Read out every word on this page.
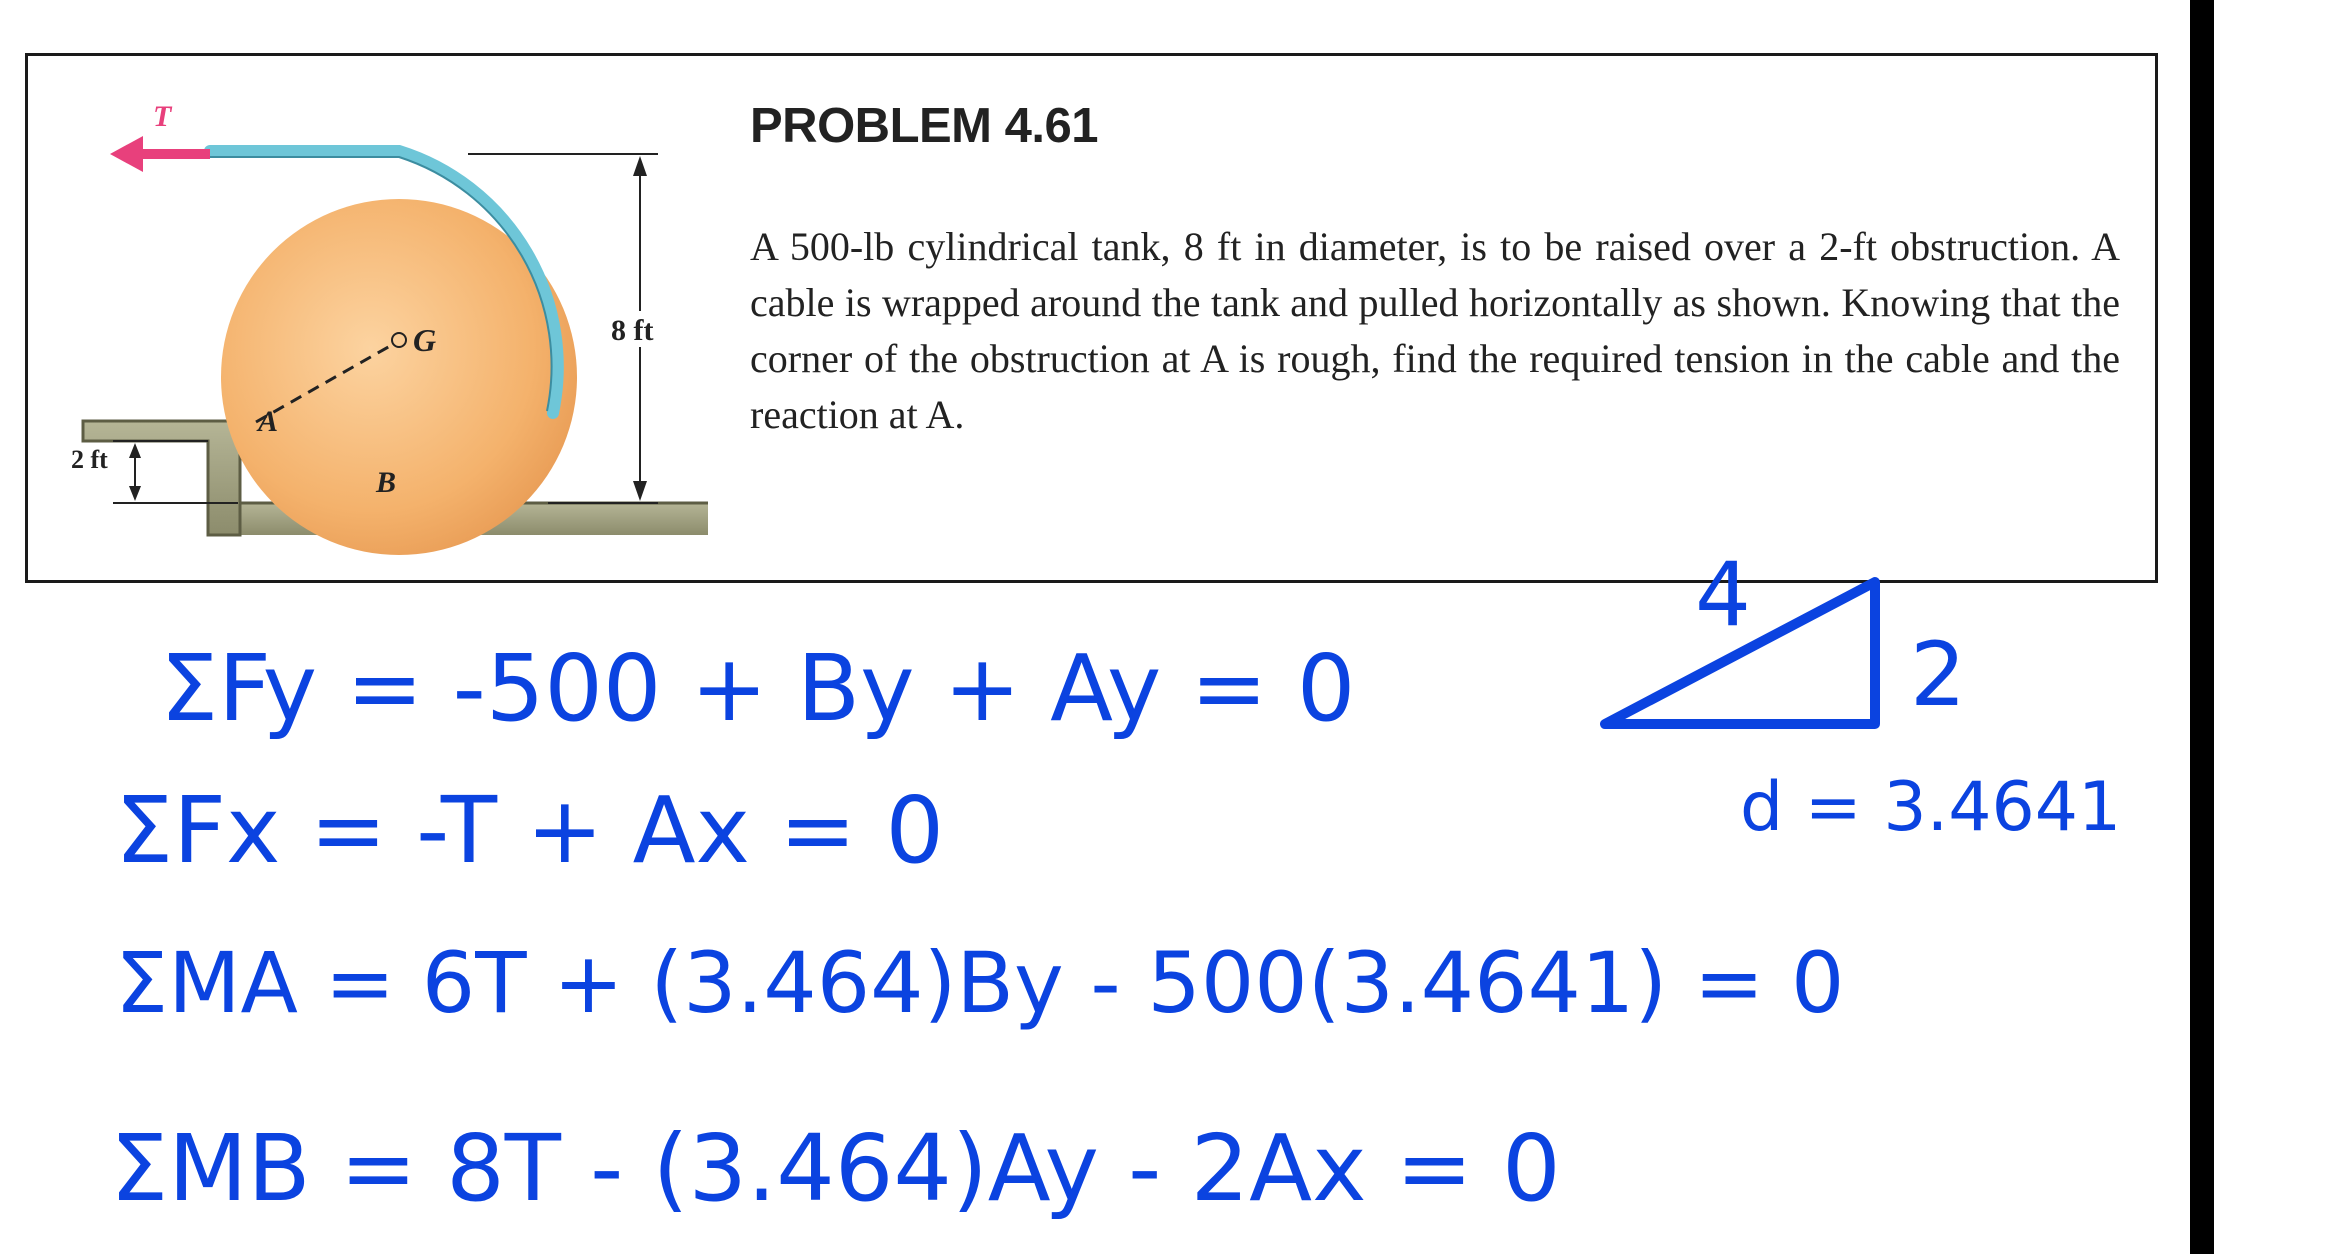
T
G
A
B
8 ft
2 ft
PROBLEM 4.61

A 500-lb cylindrical tank, 8 ft in diameter, is to be raised over a 2-ft obstruction. A cable is wrapped around the tank and pulled horizontally as shown. Knowing that the corner of the obstruction at A is rough, find the required tension in the cable and the reaction at A.

ΣFy = -500 + By + Ay = 0
ΣFx = -T + Ax = 0
ΣMA = 6T + (3.464)By - 500(3.4641) = 0
ΣMB = 8T - (3.464)Ay - 2Ax = 0
4
2
d = 3.4641
